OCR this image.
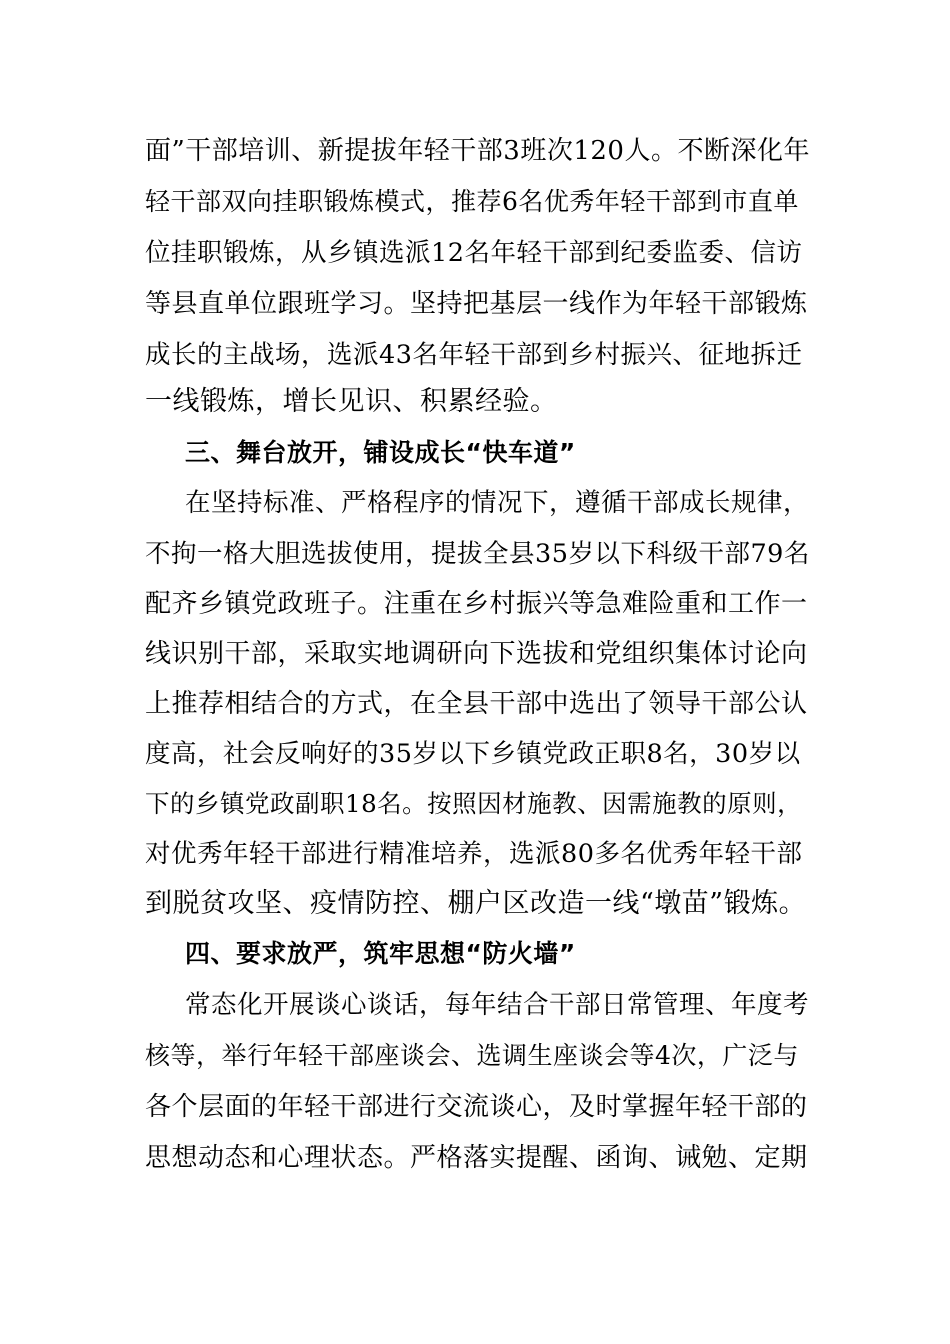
面”干部培训、新提拔年轻干部3班次120人。不断深化年
轻干部双向挂职锻炼模式，推荐6名优秀年轻干部到市直单
位挂职锻炼，从乡镇选派12名年轻干部到纪委监委、信访
等县直单位跟班学习。坚持把基层一线作为年轻干部锻炼
成长的主战场，选派43名年轻干部到乡村振兴、征地拆迁
一线锻炼，增长见识、积累经验。
三、舞台放开，铺设成长“快车道”
在坚持标准、严格程序的情况下，遵循干部成长规律，
不拘一格大胆选拔使用，提拔全县35岁以下科级干部79名
配齐乡镇党政班子。注重在乡村振兴等急难险重和工作一
线识别干部，采取实地调研向下选拔和党组织集体讨论向
上推荐相结合的方式，在全县干部中选出了领导干部公认
度高，社会反响好的35岁以下乡镇党政正职8名，30岁以
下的乡镇党政副职18名。按照因材施教、因需施教的原则，
对优秀年轻干部进行精准培养，选派80多名优秀年轻干部
到脱贫攻坚、疫情防控、棚户区改造一线“墩苗”锻炼。
四、要求放严，筑牢思想“防火墙”
常态化开展谈心谈话，每年结合干部日常管理、年度考
核等，举行年轻干部座谈会、选调生座谈会等4次，广泛与
各个层面的年轻干部进行交流谈心，及时掌握年轻干部的
思想动态和心理状态。严格落实提醒、函询、诫勉、定期
